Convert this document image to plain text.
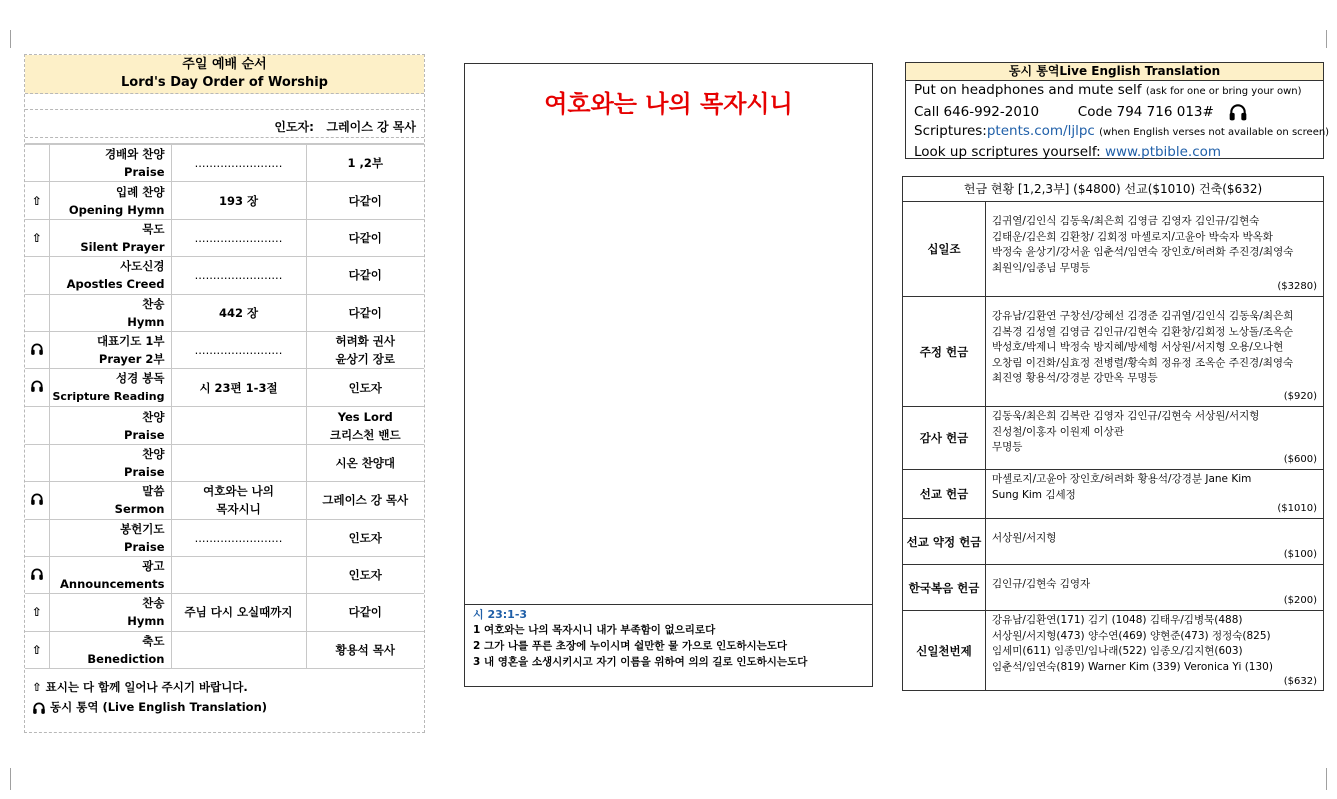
주일 예배 순서
Lord's Day Order of Worship
인도자: 그레이스 강 목사
	경배와 찬양
Praise	........................	1 ,2부
⇧	입례 찬양
Opening Hymn	193 장	다같이
⇧	묵도
Silent Prayer	........................	다같이
	사도신경
Apostles Creed	........................	다같이
	찬송
Hymn	442 장	다같이
	대표기도 1부
Prayer 2부	........................	허려화 권사
윤상기 장로
	성경 봉독
Scripture Reading	시 23편 1-3절	인도자
	찬양
Praise		Yes Lord
크리스천 밴드
	찬양
Praise		시온 찬양대
	말씀
Sermon	여호와는 나의
목자시니	그레이스 강 목사
	봉헌기도
Praise	........................	인도자
	광고
Announcements		인도자
⇧	찬송
Hymn	주님 다시 오실때까지	다같이
⇧	축도
Benediction		황용석 목사
⇧ 표시는 다 함께 일어나 주시기 바랍니다.
동시 통역 (Live English Translation)
여호와는 나의 목자시니
시 23:1-3
1 여호와는 나의 목자시니 내가 부족함이 없으리로다
2 그가 나를 푸른 초장에 누이시며 쉴만한 물 가으로 인도하시는도다
3 내 영혼을 소생시키시고 자기 이름을 위하여 의의 길로 인도하시는도다
동시 통역Live English Translation
Put on headphones and mute self (ask for one or bring your own)
Call 646-992-2010	Code 794 716 013#
Scriptures:ptents.com/ljlpc (when English verses not available on screen)
Look up scriptures yourself: www.ptbible.com
헌금 현황 [1,2,3부] ($4800) 선교($1010) 건축($632)
십일조
김귀열/김인식 김동욱/최은희 김영금 김영자 김인규/김현숙
김태운/김은희 김환창/ 김회정 마셀로지/고윤아 박숙자 박옥화
박정숙 윤상기/강서윤 임춘석/임연숙 장인호/허려화 주진경/최영숙
최원익/임종님 무명등
($3280)
주정 헌금
강유남/김환연 구창선/강혜선 김경준 김귀열/김인식 김동욱/최은희
김복경 김성열 김영금 김인규/김현숙 김환창/김회정 노상돌/조옥순
박성호/박제니 박정숙 방지혜/방세형 서상원/서지형 오용/오나현
오창림 이건화/심효정 전병렬/황숙희 정유정 조옥순 주진경/최영숙
최진영 황용석/강경분 강만옥 무명등
($920)
감사 헌금
김동욱/최은희 김복란 김영자 김인규/김현숙 서상원/서지형
진성철/이홍자 이원제 이상관
무명등
($600)
선교 헌금
마셀로지/고윤아 장인호/허려화 황용석/강경분 Jane Kim
Sung Kim 김세정
($1010)
선교 약정 헌금	서상원/서지형
($100)
한국복음 헌금	김인규/김현숙 김영자
($200)
신일천번제
강유남/김환연(171) 김기 (1048) 김태우/김병묵(488)
서상원/서지형(473) 양수연(469) 양현준(473) 정정숙(825)
임세미(611) 임종민/임나래(522) 임종오/김지현(603)
임춘석/임연숙(819) Warner Kim (339) Veronica Yi (130)
($632)
